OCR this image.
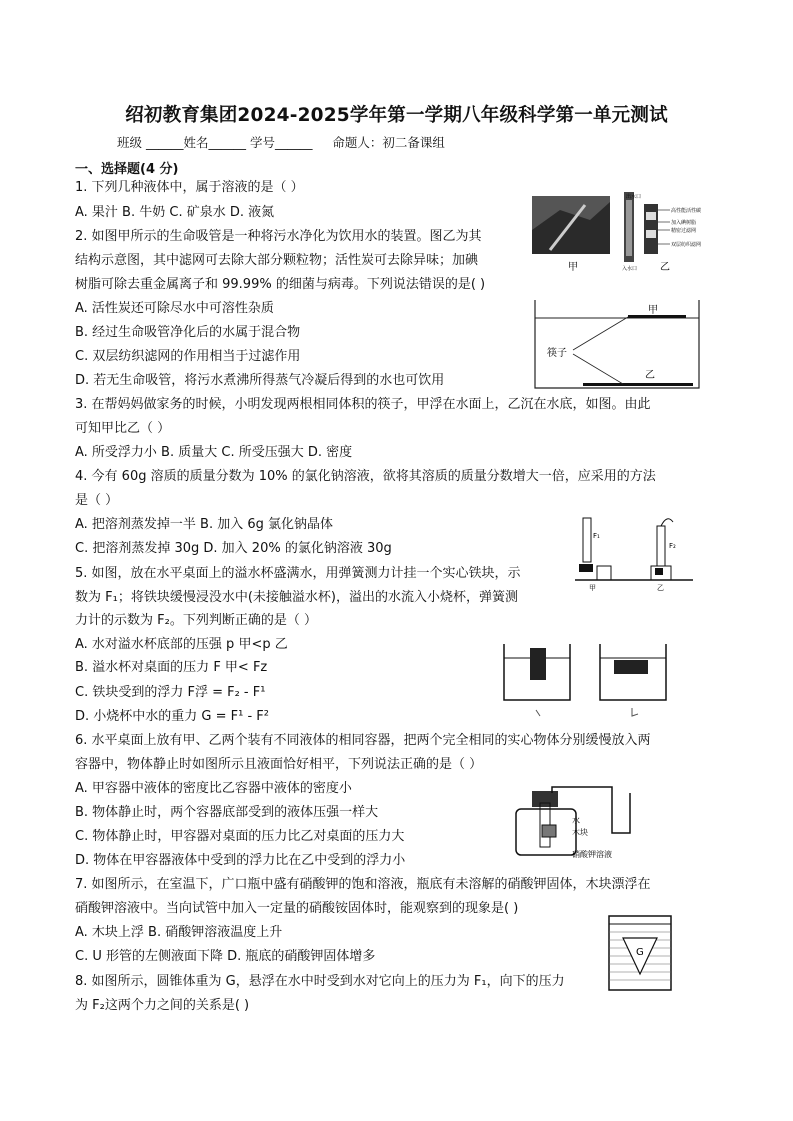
绍初教育集团2024-2025学年第一学期八年级科学第一单元测试
班级 ______姓名______ 学号______     命题人：初二备课组
一、选择题(4 分)
1. 下列几种液体中，属于溶液的是（ ）
A. 果汁 B. 牛奶 C. 矿泉水 D. 液氮
2. 如图甲所示的生命吸管是一种将污水净化为饮用水的装置。图乙为其
结构示意图，其中滤网可去除大部分颗粒物；活性炭可去除异味；加碘
树脂可除去重金属离子和 99.99% 的细菌与病毒。下列说法错误的是( )
A. 活性炭还可除尽水中可溶性杂质
B. 经过生命吸管净化后的水属于混合物
C. 双层纺织滤网的作用相当于过滤作用
D. 若无生命吸管，将污水煮沸所得蒸气冷凝后得到的水也可饮用
3. 在帮妈妈做家务的时候，小明发现两根相同体积的筷子，甲浮在水面上，乙沉在水底，如图。由此
可知甲比乙（ ）
A. 所受浮力小 B. 质量大 C. 所受压强大 D. 密度
4. 今有 60g 溶质的质量分数为 10% 的氯化钠溶液，欲将其溶质的质量分数增大一倍，应采用的方法
是（ ）
A. 把溶剂蒸发掉一半 B. 加入 6g 氯化钠晶体
C. 把溶剂蒸发掉 30g D. 加入 20% 的氯化钠溶液 30g
5. 如图，放在水平桌面上的溢水杯盛满水，用弹簧测力计挂一个实心铁块，示
数为 F₁；将铁块缓慢浸没水中(未接触溢水杯)，溢出的水流入小烧杯，弹簧测
力计的示数为 F₂。下列判断正确的是（ ）
A. 水对溢水杯底部的压强 p 甲<p 乙
B. 溢水杯对桌面的压力 F 甲< Fz
C. 铁块受到的浮力 F浮 = F₂ - F¹
D. 小烧杯中水的重力 G = F¹ - F²
6. 水平桌面上放有甲、乙两个装有不同液体的相同容器，把两个完全相同的实心物体分别缓慢放入两
容器中，物体静止时如图所示且液面恰好相平，下列说法正确的是（ ）
A. 甲容器中液体的密度比乙容器中液体的密度小
B. 物体静止时，两个容器底部受到的液体压强一样大
C. 物体静止时，甲容器对桌面的压力比乙对桌面的压力大
D. 物体在甲容器液体中受到的浮力比在乙中受到的浮力小
7. 如图所示，在室温下，广口瓶中盛有硝酸钾的饱和溶液，瓶底有未溶解的硝酸钾固体，木块漂浮在
硝酸钾溶液中。当向试管中加入一定量的硝酸铵固体时，能观察到的现象是( )
A. 木块上浮 B. 硝酸钾溶液温度上升
C. U 形管的左侧液面下降 D. 瓶底的硝酸钾固体增多
8. 如图所示，圆锥体重为 G，悬浮在水中时受到水对它向上的压力为 F₁，向下的压力
为 F₂这两个力之间的关系是( )
甲
出水口
高性能活性碳
加入碘树脂
精密过滤网
双层纺织滤网
入水口 乙
甲
筷子
乙
F₁
F₂
甲	乙
水
木块
硝酸钾溶液
G
